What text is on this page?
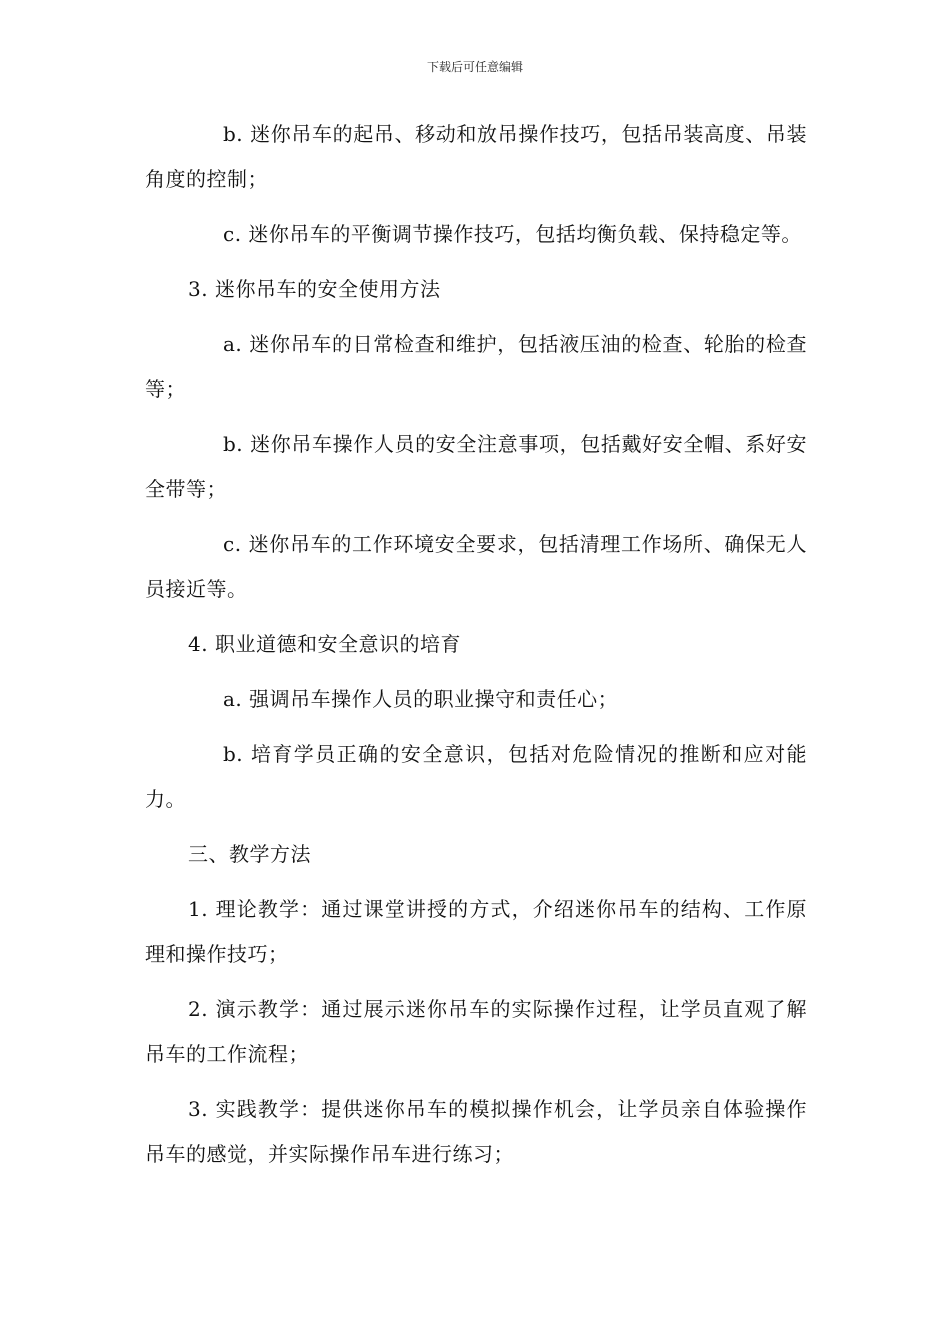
下载后可任意编辑

b. 迷你吊车的起吊、移动和放吊操作技巧，包括吊装高度、吊装角度的控制；

c. 迷你吊车的平衡调节操作技巧，包括均衡负载、保持稳定等。

3. 迷你吊车的安全使用方法

a. 迷你吊车的日常检查和维护，包括液压油的检查、轮胎的检查等；

b. 迷你吊车操作人员的安全注意事项，包括戴好安全帽、系好安全带等；

c. 迷你吊车的工作环境安全要求，包括清理工作场所、确保无人员接近等。

4. 职业道德和安全意识的培育

a. 强调吊车操作人员的职业操守和责任心；

b. 培育学员正确的安全意识，包括对危险情况的推断和应对能力。

三、教学方法

1. 理论教学：通过课堂讲授的方式，介绍迷你吊车的结构、工作原理和操作技巧；

2. 演示教学：通过展示迷你吊车的实际操作过程，让学员直观了解吊车的工作流程；

3. 实践教学：提供迷你吊车的模拟操作机会，让学员亲自体验操作吊车的感觉，并实际操作吊车进行练习；
